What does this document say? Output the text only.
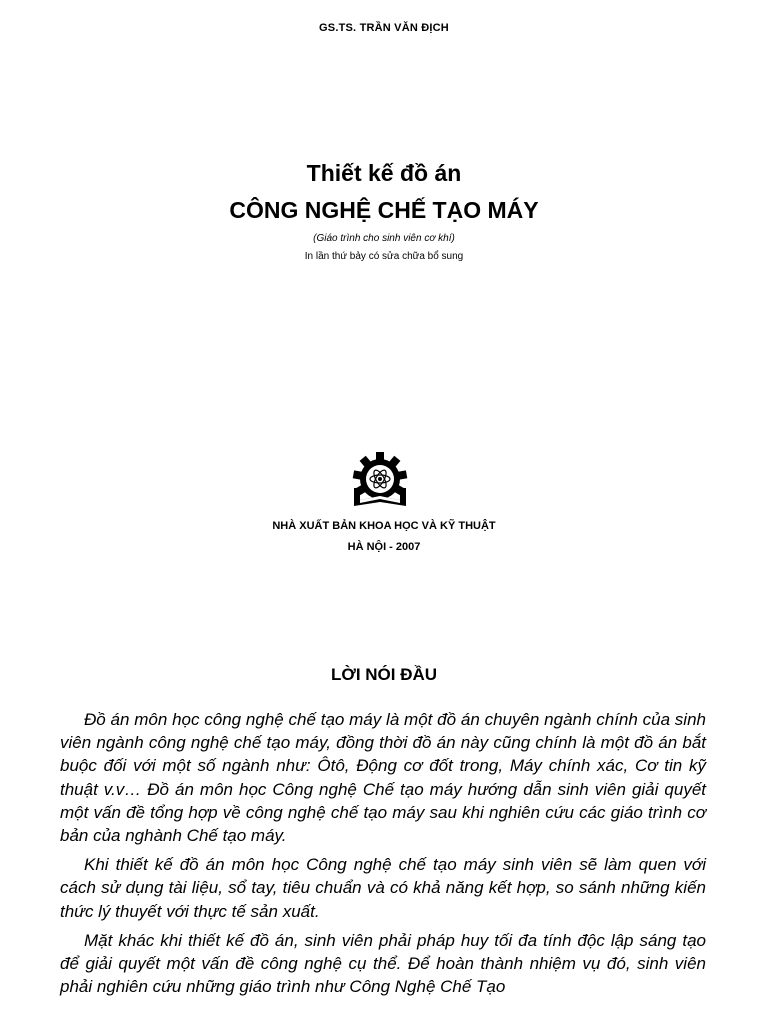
GS.TS. TRẦN VĂN ĐỊCH
Thiết kế đồ án
CÔNG NGHỆ CHẾ TẠO MÁY
(Giáo trình cho sinh viên cơ khí)
In lần thứ bảy có sửa chữa bổ sung
NHÀ XUẤT BẢN KHOA HỌC VÀ KỸ THUẬT
HÀ NỘI - 2007
LỜI NÓI ĐẦU

Đồ án môn học công nghệ chế tạo máy là một đồ án chuyên ngành chính của sinh viên ngành công nghệ chế tạo máy, đồng thời đồ án này cũng chính là một đồ án bắt buộc đối với một số ngành như: Ôtô, Động cơ đốt trong, Máy chính xác, Cơ tin kỹ thuật v.v… Đồ án môn học Công nghệ Chế tạo máy hướng dẫn sinh viên giải quyết một vấn đề tổng hợp về công nghệ chế tạo máy sau khi nghiên cứu các giáo trình cơ bản của nghành Chế tạo máy.

Khi thiết kế đồ án môn học Công nghệ chế tạo máy sinh viên sẽ làm quen với cách sử dụng tài liệu, sổ tay, tiêu chuẩn và có khả năng kết hợp, so sánh những kiến thức lý thuyết với thực tế sản xuất.

Mặt khác khi thiết kế đồ án, sinh viên phải pháp huy tối đa tính độc lập sáng tạo để giải quyết một vấn đề công nghệ cụ thể. Để hoàn thành nhiệm vụ đó, sinh viên phải nghiên cứu những giáo trình như Công Nghệ Chế Tạo
